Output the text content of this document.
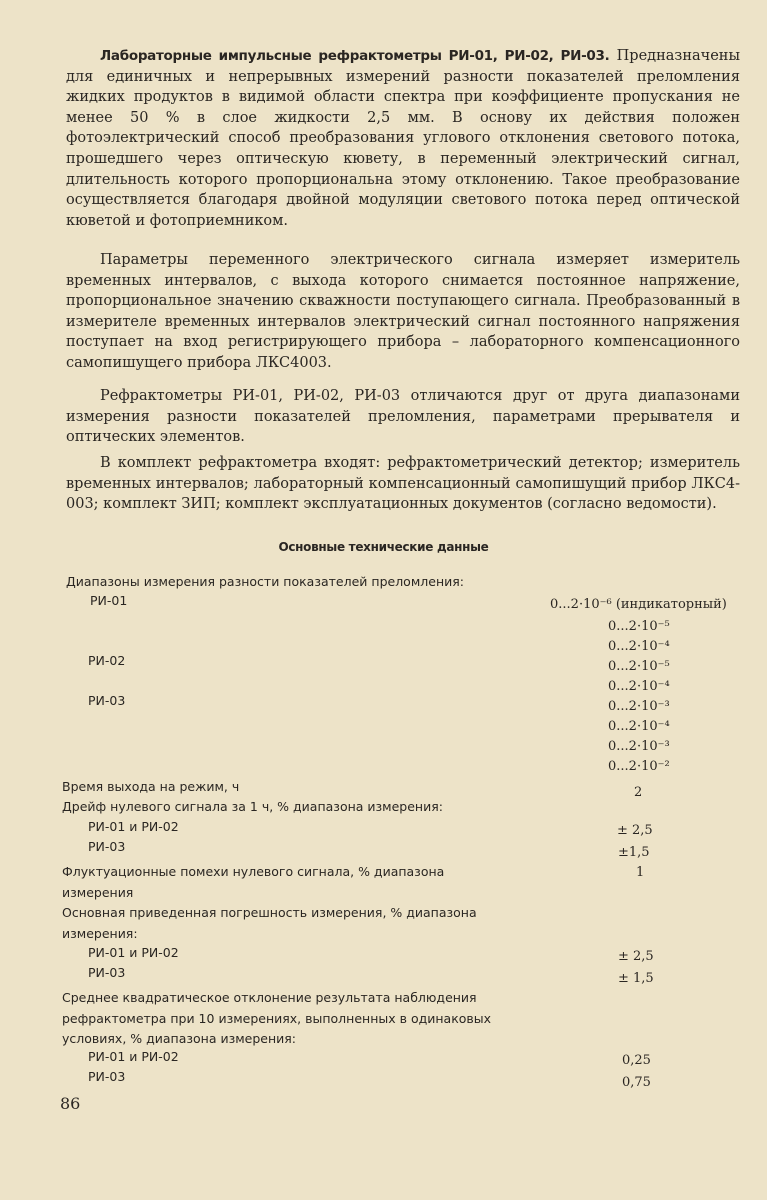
Лабораторные импульсные рефрактометры РИ-01, РИ-02, РИ-03. Предназначены для единичных и непрерывных измерений разности показателей преломления жидких продуктов в видимой области спектра при коэффициенте пропускания не менее 50 % в слое жидкости 2,5 мм. В основу их действия положен фотоэлектрический способ преобразования углового отклонения светового потока, прошедшего через оптическую кювету, в переменный электрический сигнал, длительность которого пропорциональна этому отклонению. Такое преобразование осуществляется благодаря двойной модуляции светового потока перед оптической кюветой и фотоприемником.

Параметры переменного электрического сигнала измеряет измеритель временных интервалов, с выхода которого снимается постоянное напряжение, пропорциональное значению скважности поступающего сигнала. Преобразованный в измерителе временных интервалов электрический сигнал постоянного напряжения поступает на вход регистрирующего прибора – лабораторного компенсационного самопишущего прибора ЛКС4003.

Рефрактометры РИ-01, РИ-02, РИ-03 отличаются друг от друга диапазонами измерения разности показателей преломления, параметрами прерывателя и оптических элементов.

В комплект рефрактометра входят: рефрактометрический детектор; измеритель временных интервалов; лабораторный компенсационный самопишущий прибор ЛКС4-003; комплект ЗИП; комплект эксплуатационных документов (согласно ведомости).

Основные технические данные

Диапазоны измерения разности показателей преломления:

РИ-01

РИ-02

РИ-03

Время выхода на режим, ч

Дрейф нулевого сигнала за 1 ч, % диапазона измерения:

РИ-01 и РИ-02

РИ-03

Флуктуационные помехи нулевого сигнала, % диапазона измерения

Основная приведенная погрешность измерения, % диапазона измерения:

РИ-01 и РИ-02

РИ-03

Среднее квадратическое отклонение результата наблюдения рефрактометра при 10 измерениях, выполненных в одинаковых условиях, % диапазона измерения:

РИ-01 и РИ-02

РИ-03

0...2·10⁻⁶ (индикаторный)

0...2·10⁻⁵

0...2·10⁻⁴

0...2·10⁻⁵

0...2·10⁻⁴

0...2·10⁻³

0...2·10⁻⁴

0...2·10⁻³

0...2·10⁻²

2

± 2,5

±1,5

1

± 2,5

± 1,5

0,25

0,75

86
